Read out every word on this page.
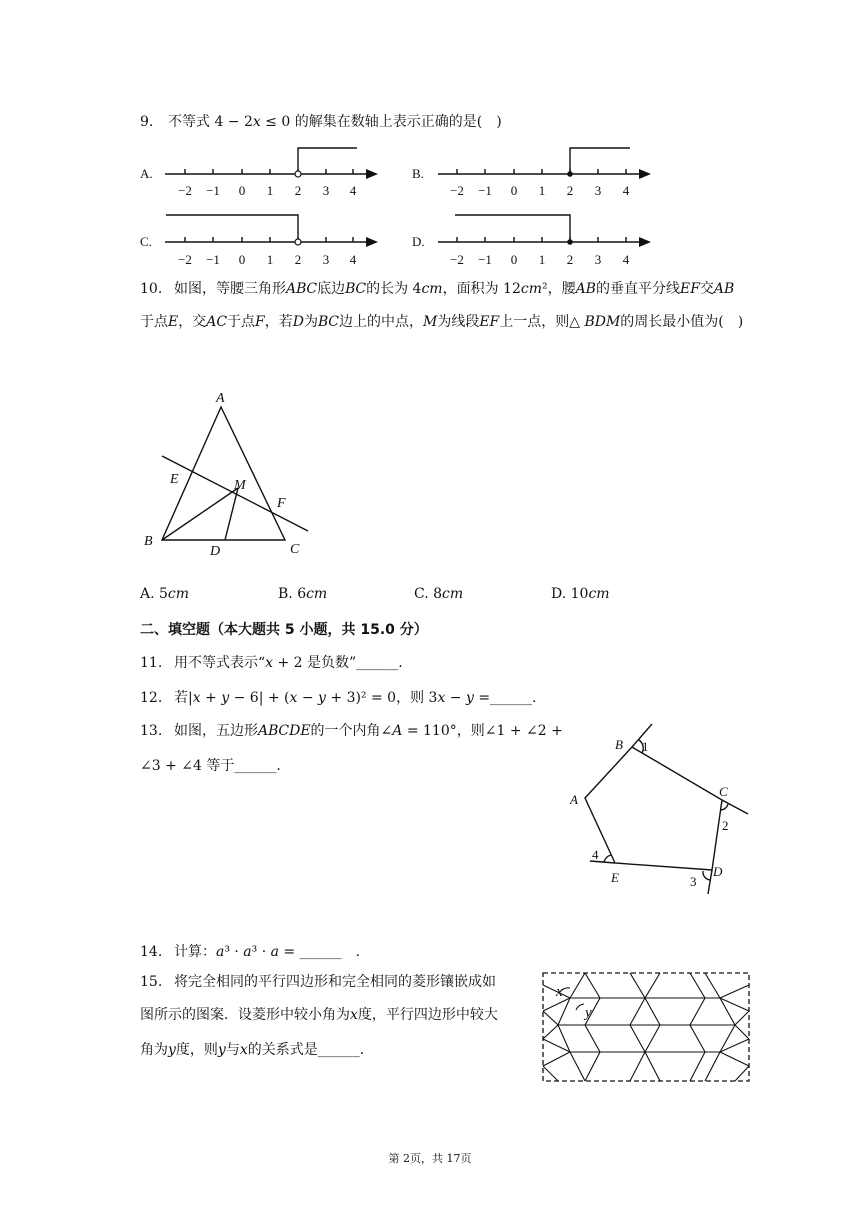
9. 不等式 4 − 2𝑥 ≤ 0 的解集在数轴上表示正确的是(　)
A.	B.
C.	D.
−2 −1 0 1 2 3 4	−2 −1 0 1 2 3 4
−2 −1 0 1 2 3 4	−2 −1 0 1 2 3 4
10. 如图，等腰三角形𝐴𝐵𝐶底边𝐵𝐶的长为 4𝑐𝑚，面积为 12𝑐𝑚²，腰𝐴𝐵的垂直平分线𝐸𝐹交𝐴𝐵
于点𝐸，交𝐴𝐶于点𝐹，若𝐷为𝐵𝐶边上的中点，𝑀为线段𝐸𝐹上一点，则△ 𝐵𝐷𝑀的周长最小值为(　)
A
B
C
D
E
F
M
A. 5𝑐𝑚	B. 6𝑐𝑚	C. 8𝑐𝑚	D. 10𝑐𝑚
二、填空题（本大题共 5 小题，共 15.0 分）
11. 用不等式表示“𝑥 + 2 是负数”______.
12. 若|𝑥 + 𝑦 − 6| + (𝑥 − 𝑦 + 3)² = 0，则 3𝑥 − 𝑦 =______.
13. 如图，五边形𝐴𝐵𝐶𝐷𝐸的一个内角∠𝐴 = 110°，则∠1 + ∠2 +
∠3 + ∠4 等于______.
B
A
C
D
E
1
2
3
4
14. 计算：𝑎³ · 𝑎³ · 𝑎 = ______　.
15. 将完全相同的平行四边形和完全相同的菱形镶嵌成如
图所示的图案．设菱形中较小角为𝑥度，平行四边形中较大
角为𝑦度，则𝑦与𝑥的关系式是______.
x
y
第 2页，共 17页
